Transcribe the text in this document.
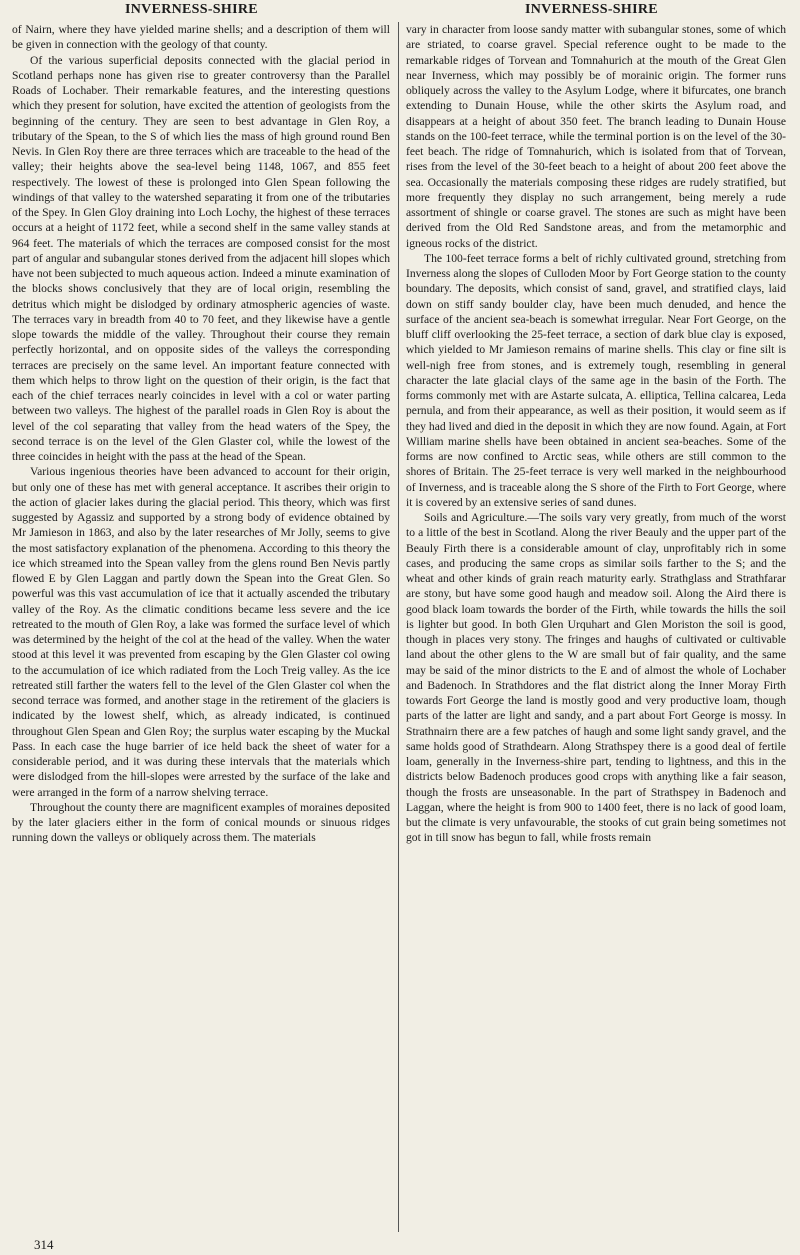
INVERNESS-SHIRE	INVERNESS-SHIRE

of Nairn, where they have yielded marine shells; and a description of them will be given in connection with the geology of that county.

Of the various superficial deposits connected with the glacial period in Scotland perhaps none has given rise to greater controversy than the Parallel Roads of Lochaber. Their remarkable features, and the interesting questions which they present for solution, have excited the attention of geologists from the beginning of the century. They are seen to best advantage in Glen Roy, a tributary of the Spean, to the S of which lies the mass of high ground round Ben Nevis. In Glen Roy there are three terraces which are traceable to the head of the valley; their heights above the sea-level being 1148, 1067, and 855 feet respectively. The lowest of these is prolonged into Glen Spean following the windings of that valley to the watershed separating it from one of the tributaries of the Spey. In Glen Gloy draining into Loch Lochy, the highest of these terraces occurs at a height of 1172 feet, while a second shelf in the same valley stands at 964 feet. The materials of which the terraces are composed consist for the most part of angular and subangular stones derived from the adjacent hill slopes which have not been subjected to much aqueous action. Indeed a minute examination of the blocks shows conclusively that they are of local origin, resembling the detritus which might be dislodged by ordinary atmospheric agencies of waste. The terraces vary in breadth from 40 to 70 feet, and they likewise have a gentle slope towards the middle of the valley. Throughout their course they remain perfectly horizontal, and on opposite sides of the valleys the corresponding terraces are precisely on the same level. An important feature connected with them which helps to throw light on the question of their origin, is the fact that each of the chief terraces nearly coincides in level with a col or water parting between two valleys. The highest of the parallel roads in Glen Roy is about the level of the col separating that valley from the head waters of the Spey, the second terrace is on the level of the Glen Glaster col, while the lowest of the three coincides in height with the pass at the head of the Spean.

Various ingenious theories have been advanced to account for their origin, but only one of these has met with general acceptance. It ascribes their origin to the action of glacier lakes during the glacial period. This theory, which was first suggested by Agassiz and supported by a strong body of evidence obtained by Mr Jamieson in 1863, and also by the later researches of Mr Jolly, seems to give the most satisfactory explanation of the phenomena. According to this theory the ice which streamed into the Spean valley from the glens round Ben Nevis partly flowed E by Glen Laggan and partly down the Spean into the Great Glen. So powerful was this vast accumulation of ice that it actually ascended the tributary valley of the Roy. As the climatic conditions became less severe and the ice retreated to the mouth of Glen Roy, a lake was formed the surface level of which was determined by the height of the col at the head of the valley. When the water stood at this level it was prevented from escaping by the Glen Glaster col owing to the accumulation of ice which radiated from the Loch Treig valley. As the ice retreated still farther the waters fell to the level of the Glen Glaster col when the second terrace was formed, and another stage in the retirement of the glaciers is indicated by the lowest shelf, which, as already indicated, is continued throughout Glen Spean and Glen Roy; the surplus water escaping by the Muckal Pass. In each case the huge barrier of ice held back the sheet of water for a considerable period, and it was during these intervals that the materials which were dislodged from the hill-slopes were arrested by the surface of the lake and were arranged in the form of a narrow shelving terrace.

Throughout the county there are magnificent examples of moraines deposited by the later glaciers either in the form of conical mounds or sinuous ridges running down the valleys or obliquely across them. The materials

vary in character from loose sandy matter with subangular stones, some of which are striated, to coarse gravel. Special reference ought to be made to the remarkable ridges of Torvean and Tomnahurich at the mouth of the Great Glen near Inverness, which may possibly be of morainic origin. The former runs obliquely across the valley to the Asylum Lodge, where it bifurcates, one branch extending to Dunain House, while the other skirts the Asylum road, and disappears at a height of about 350 feet. The branch leading to Dunain House stands on the 100-feet terrace, while the terminal portion is on the level of the 30-feet beach. The ridge of Tomnahurich, which is isolated from that of Torvean, rises from the level of the 30-feet beach to a height of about 200 feet above the sea. Occasionally the materials composing these ridges are rudely stratified, but more frequently they display no such arrangement, being merely a rude assortment of shingle or coarse gravel. The stones are such as might have been derived from the Old Red Sandstone areas, and from the metamorphic and igneous rocks of the district.

The 100-feet terrace forms a belt of richly cultivated ground, stretching from Inverness along the slopes of Culloden Moor by Fort George station to the county boundary. The deposits, which consist of sand, gravel, and stratified clays, laid down on stiff sandy boulder clay, have been much denuded, and hence the surface of the ancient sea-beach is somewhat irregular. Near Fort George, on the bluff cliff overlooking the 25-feet terrace, a section of dark blue clay is exposed, which yielded to Mr Jamieson remains of marine shells. This clay or fine silt is well-nigh free from stones, and is extremely tough, resembling in general character the late glacial clays of the same age in the basin of the Forth. The forms commonly met with are Astarte sulcata, A. elliptica, Tellina calcarea, Leda pernula, and from their appearance, as well as their position, it would seem as if they had lived and died in the deposit in which they are now found. Again, at Fort William marine shells have been obtained in ancient sea-beaches. Some of the forms are now confined to Arctic seas, while others are still common to the shores of Britain. The 25-feet terrace is very well marked in the neighbourhood of Inverness, and is traceable along the S shore of the Firth to Fort George, where it is covered by an extensive series of sand dunes.

Soils and Agriculture.—The soils vary very greatly, from much of the worst to a little of the best in Scotland. Along the river Beauly and the upper part of the Beauly Firth there is a considerable amount of clay, unprofitably rich in some cases, and producing the same crops as similar soils farther to the S; and the wheat and other kinds of grain reach maturity early. Strathglass and Strathfarar are stony, but have some good haugh and meadow soil. Along the Aird there is good black loam towards the border of the Firth, while towards the hills the soil is lighter but good. In both Glen Urquhart and Glen Moriston the soil is good, though in places very stony. The fringes and haughs of cultivated or cultivable land about the other glens to the W are small but of fair quality, and the same may be said of the minor districts to the E and of almost the whole of Lochaber and Badenoch. In Strathdores and the flat district along the Inner Moray Firth towards Fort George the land is mostly good and very productive loam, though parts of the latter are light and sandy, and a part about Fort George is mossy. In Strathnairn there are a few patches of haugh and some light sandy gravel, and the same holds good of Strathdearn. Along Strathspey there is a good deal of fertile loam, generally in the Inverness-shire part, tending to lightness, and this in the districts below Badenoch produces good crops with anything like a fair season, though the frosts are unseasonable. In the part of Strathspey in Badenoch and Laggan, where the height is from 900 to 1400 feet, there is no lack of good loam, but the climate is very unfavourable, the stooks of cut grain being sometimes not got in till snow has begun to fall, while frosts remain

314
